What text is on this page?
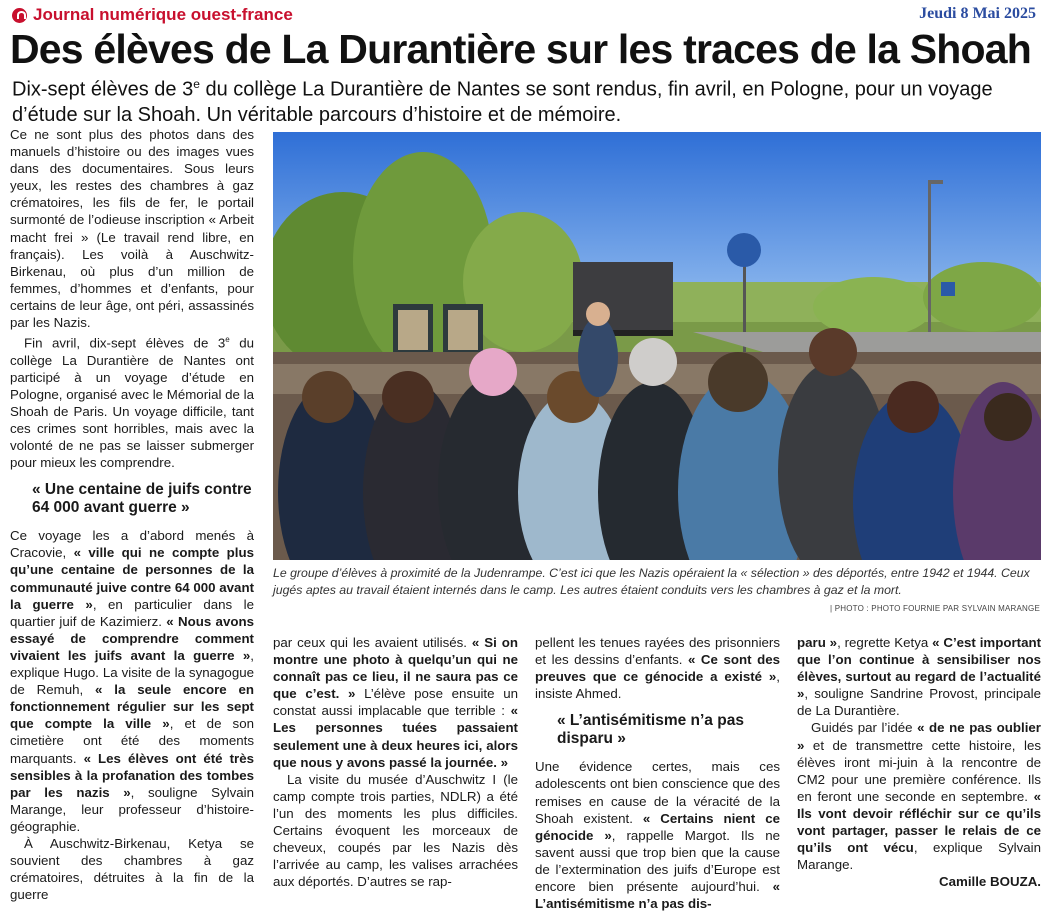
Journal numérique ouest-france	Jeudi 8 Mai 2025
Des élèves de La Durantière sur les traces de la Shoah
Dix-sept élèves de 3e du collège La Durantière de Nantes se sont rendus, fin avril, en Pologne, pour un voyage d’étude sur la Shoah. Un véritable parcours d’histoire et de mémoire.

Ce ne sont plus des photos dans des manuels d’histoire ou des images vues dans des documentaires. Sous leurs yeux, les restes des chambres à gaz crématoires, les fils de fer, le portail surmonté de l’odieuse inscription « Arbeit macht frei » (Le travail rend libre, en français). Les voilà à Auschwitz-Birkenau, où plus d’un million de femmes, d’hommes et d’enfants, pour certains de leur âge, ont péri, assassinés par les Nazis.

Fin avril, dix-sept élèves de 3e du collège La Durantière de Nantes ont participé à un voyage d’étude en Pologne, organisé avec le Mémorial de la Shoah de Paris. Un voyage difficile, tant ces crimes sont horribles, mais avec la volonté de ne pas se laisser submerger pour mieux les comprendre.

« Une centaine de juifs contre 64 000 avant guerre »

Ce voyage les a d’abord menés à Cracovie, « ville qui ne compte plus qu’une centaine de personnes de la communauté juive contre 64 000 avant la guerre », en particulier dans le quartier juif de Kazimierz. « Nous avons essayé de comprendre comment vivaient les juifs avant la guerre », explique Hugo. La visite de la synagogue de Remuh, « la seule encore en fonctionnement régulier sur les sept que compte la ville », et de son cimetière ont été des moments marquants. « Les élèves ont été très sensibles à la profanation des tombes par les nazis », souligne Sylvain Marange, leur professeur d’histoire-géographie.

À Auschwitz-Birkenau, Ketya se souvient des chambres à gaz crématoires, détruites à la fin de la guerre

Le groupe d’élèves à proximité de la Judenrampe. C’est ici que les Nazis opéraient la « sélection » des déportés, entre 1942 et 1944. Ceux jugés aptes au travail étaient internés dans le camp. Les autres étaient conduits vers les chambres à gaz et la mort.
| PHOTO : PHOTO FOURNIE PAR SYLVAIN MARANGE

par ceux qui les avaient utilisés. « Si on montre une photo à quelqu’un qui ne connaît pas ce lieu, il ne saura pas ce que c’est. » L’élève pose ensuite un constat aussi implacable que terrible : « Les personnes tuées passaient seulement une à deux heures ici, alors que nous y avons passé la journée. »

La visite du musée d’Auschwitz I (le camp compte trois parties, NDLR) a été l’un des moments les plus difficiles. Certains évoquent les morceaux de cheveux, coupés par les Nazis dès l’arrivée au camp, les valises arrachées aux déportés. D’autres se rap-

pellent les tenues rayées des prisonniers et les dessins d’enfants. « Ce sont des preuves que ce génocide a existé », insiste Ahmed.

« L’antisémitisme n’a pas disparu »

Une évidence certes, mais ces adolescents ont bien conscience que des remises en cause de la véracité de la Shoah existent. « Certains nient ce génocide », rappelle Margot. Ils ne savent aussi que trop bien que la cause de l’extermination des juifs d’Europe est encore bien présente aujourd’hui. « L’antisémitisme n’a pas dis-

paru », regrette Ketya « C’est important que l’on continue à sensibiliser nos élèves, surtout au regard de l’actualité », souligne Sandrine Provost, principale de La Durantière.

Guidés par l’idée « de ne pas oublier » et de transmettre cette histoire, les élèves iront mi-juin à la rencontre de CM2 pour une première conférence. Ils en feront une seconde en septembre. « Ils vont devoir réfléchir sur ce qu’ils vont partager, passer le relais de ce qu’ils ont vécu, explique Sylvain Marange.

Camille BOUZA.
